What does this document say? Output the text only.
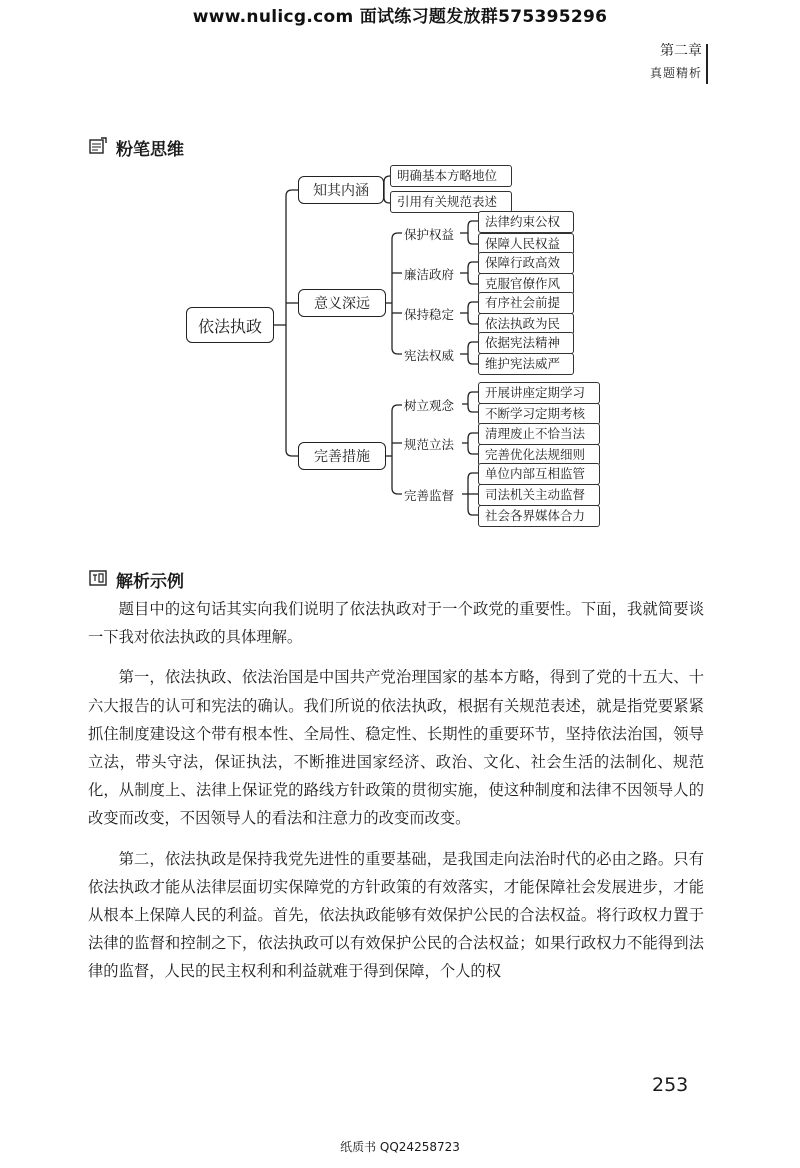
www.nulicg.com 面试练习题发放群575395296
第二章
真题精析
粉笔思维
依法执政
知其内涵
明确基本方略地位
引用有关规范表述
意义深远
保护权益
廉洁政府
保持稳定
宪法权威
法律约束公权
保障人民权益
保障行政高效
克服官僚作风
有序社会前提
依法执政为民
依据宪法精神
维护宪法威严
完善措施
树立观念
规范立法
完善监督
开展讲座定期学习
不断学习定期考核
清理废止不恰当法
完善优化法规细则
单位内部互相监管
司法机关主动监督
社会各界媒体合力
解析示例

题目中的这句话其实向我们说明了依法执政对于一个政党的重要性。下面，我就简要谈一下我对依法执政的具体理解。

第一，依法执政、依法治国是中国共产党治理国家的基本方略，得到了党的十五大、十六大报告的认可和宪法的确认。我们所说的依法执政，根据有关规范表述，就是指党要紧紧抓住制度建设这个带有根本性、全局性、稳定性、长期性的重要环节，坚持依法治国，领导立法，带头守法，保证执法，不断推进国家经济、政治、文化、社会生活的法制化、规范化，从制度上、法律上保证党的路线方针政策的贯彻实施，使这种制度和法律不因领导人的改变而改变，不因领导人的看法和注意力的改变而改变。

第二，依法执政是保持我党先进性的重要基础，是我国走向法治时代的必由之路。只有依法执政才能从法律层面切实保障党的方针政策的有效落实，才能保障社会发展进步，才能从根本上保障人民的利益。首先，依法执政能够有效保护公民的合法权益。将行政权力置于法律的监督和控制之下，依法执政可以有效保护公民的合法权益；如果行政权力不能得到法律的监督，人民的民主权利和利益就难于得到保障，个人的权

253
纸质书 QQ24258723
